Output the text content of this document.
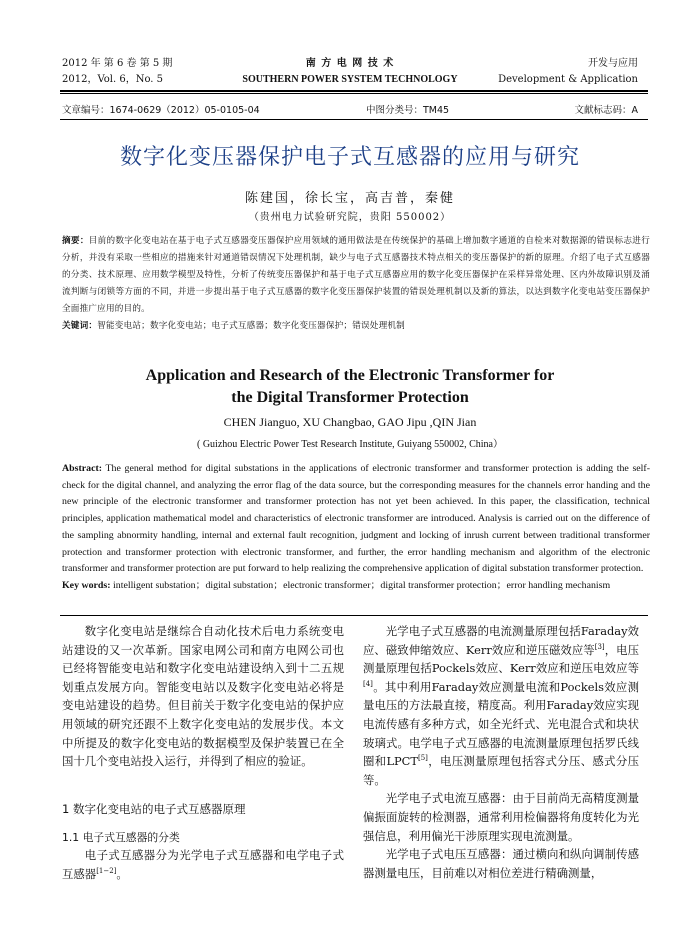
2012 年 第 6 卷 第 5 期
2012，Vol. 6，No. 5
南 方 电 网 技 术
SOUTHERN POWER SYSTEM TECHNOLOGY
开发与应用
Development & Application
文章编号：1674-0629（2012）05-0105-04	中图分类号：TM45	文献标志码：A
数字化变压器保护电子式互感器的应用与研究
陈建国，徐长宝，高吉普，秦健
（贵州电力试验研究院，贵阳 550002）
摘要：目前的数字化变电站在基于电子式互感器变压器保护应用领域的通用做法是在传统保护的基础上增加数字通道的自检来对数据源的错误标志进行分析，并没有采取一些相应的措施来针对通道错误情况下处理机制，缺少与电子式互感器技术特点相关的变压器保护的新的原理。介绍了电子式互感器的分类、技术原理、应用数学模型及特性，分析了传统变压器保护和基于电子式互感器应用的数字化变压器保护在采样异常处理、区内外故障识别及涌流判断与闭锁等方面的不同，并进一步提出基于电子式互感器的数字化变压器保护装置的错误处理机制以及新的算法，以达到数字化变电站变压器保护全面推广应用的目的。
关键词：智能变电站；数字化变电站；电子式互感器；数字化变压器保护；错误处理机制
Application and Research of the Electronic Transformer for the Digital Transformer Protection
CHEN Jianguo, XU Changbao, GAO Jipu ,QIN Jian
( Guizhou Electric Power Test Research Institute, Guiyang 550002, China）
Abstract: The general method for digital substations in the applications of electronic transformer and transformer protection is adding the self-check for the digital channel, and analyzing the error flag of the data source, but the corresponding measures for the channels error handing and the new principle of the electronic transformer and transformer protection has not yet been achieved. In this paper, the classification, technical principles, application mathematical model and characteristics of electronic transformer are introduced. Analysis is carried out on the difference of the sampling abnormity handling, internal and external fault recognition, judgment and locking of inrush current between traditional transformer protection and transformer protection with electronic transformer, and further, the error handling mechanism and algorithm of the electronic transformer and transformer protection are put forward to help realizing the comprehensive application of digital substation transformer protection.
Key words: intelligent substation；digital substation；electronic transformer；digital transformer protection；error handling mechanism

数字化变电站是继综合自动化技术后电力系统变电站建设的又一次革新。国家电网公司和南方电网公司也已经将智能变电站和数字化变电站建设纳入到十二五规划重点发展方向。智能变电站以及数字化变电站必将是变电站建设的趋势。但目前关于数字化变电站的保护应用领域的研究还跟不上数字化变电站的发展步伐。本文中所提及的数字化变电站的数据模型及保护装置已在全国十几个变电站投入运行，并得到了相应的验证。

1 数字化变电站的电子式互感器原理
1.1 电子式互感器的分类

电子式互感器分为光学电子式互感器和电学电子式互感器[1−2]。

光学电子式互感器的电流测量原理包括Faraday效应、磁致伸缩效应、Kerr效应和逆压磁效应等[3]，电压测量原理包括Pockels效应、Kerr效应和逆压电效应等[4]。其中利用Faraday效应测量电流和Pockels效应测量电压的方法最直接，精度高。利用Faraday效应实现电流传感有多种方式，如全光纤式、光电混合式和块状玻璃式。电学电子式互感器的电流测量原理包括罗氏线圈和LPCT[5]，电压测量原理包括容式分压、感式分压等。

光学电子式电流互感器：由于目前尚无高精度测量偏振面旋转的检测器，通常利用检偏器将角度转化为光强信息，利用偏光干涉原理实现电流测量。

光学电子式电压互感器：通过横向和纵向调制传感器测量电压，目前难以对相位差进行精确测量，
